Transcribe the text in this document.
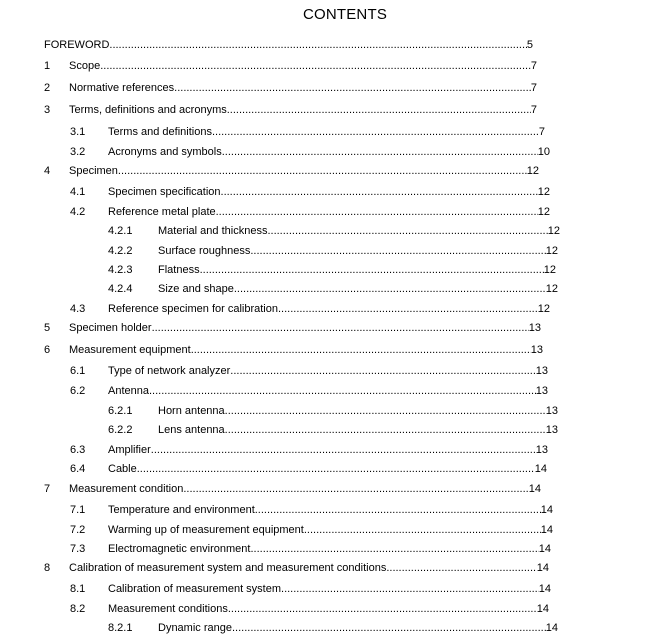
CONTENTS
FOREWORD .....	5
1	Scope .....	7
2	Normative references .....	7
3	Terms, definitions and acronyms .....	7
3.1	Terms and definitions .....	7
3.2	Acronyms and symbols .....	10
4	Specimen .....	12
4.1	Specimen specification .....	12
4.2	Reference metal plate .....	12
4.2.1	Material and thickness .....	12
4.2.2	Surface roughness .....	12
4.2.3	Flatness .....	12
4.2.4	Size and shape .....	12
4.3	Reference specimen for calibration .....	12
5	Specimen holder .....	13
6	Measurement equipment .....	13
6.1	Type of network analyzer .....	13
6.2	Antenna .....	13
6.2.1	Horn antenna .....	13
6.2.2	Lens antenna .....	13
6.3	Amplifier .....	13
6.4	Cable .....	14
7	Measurement condition .....	14
7.1	Temperature and environment .....	14
7.2	Warming up of measurement equipment .....	14
7.3	Electromagnetic environment .....	14
8	Calibration of measurement system and measurement conditions .....	14
8.1	Calibration of measurement system .....	14
8.2	Measurement conditions .....	14
8.2.1	Dynamic range .....	14
